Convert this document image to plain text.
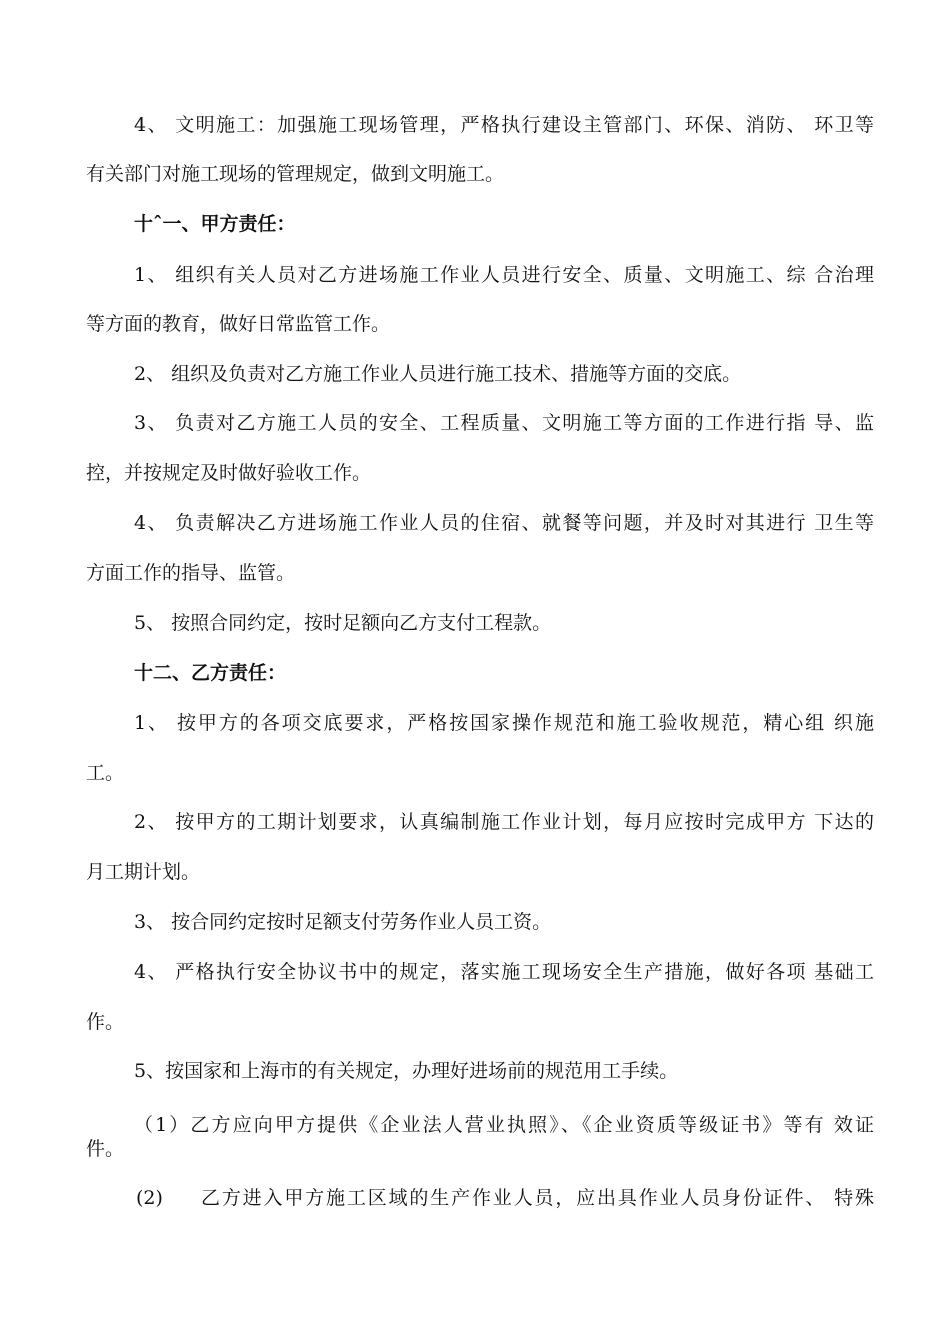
4、 文明施工：加强施工现场管理，严格执行建设主管部门、环保、消防、 环卫等
有关部门对施工现场的管理规定，做到文明施工。
十ˆ一、甲方责任：
1、 组织有关人员对乙方进场施工作业人员进行安全、质量、文明施工、综 合治理
等方面的教育，做好日常监管工作。
2、 组织及负责对乙方施工作业人员进行施工技术、措施等方面的交底。
3、 负责对乙方施工人员的安全、工程质量、文明施工等方面的工作进行指 导、监
控，并按规定及时做好验收工作。
4、 负责解决乙方进场施工作业人员的住宿、就餐等问题，并及时对其进行 卫生等
方面工作的指导、监管。
5、 按照合同约定，按时足额向乙方支付工程款。
十二、乙方责任：
1、 按甲方的各项交底要求，严格按国家操作规范和施工验收规范，精心组 织施
工。
2、 按甲方的工期计划要求，认真编制施工作业计划，每月应按时完成甲方 下达的
月工期计划。
3、 按合同约定按时足额支付劳务作业人员工资。
4、 严格执行安全协议书中的规定，落实施工现场安全生产措施，做好各项 基础工
作。
5、按国家和上海市的有关规定，办理好进场前的规范用工手续。
（1）乙方应向甲方提供《企业法人营业执照》、《企业资质等级证书》等有 效证
件。
(2)	乙方进入甲方施工区域的生产作业人员，应出具作业人员身份证件、 特殊
